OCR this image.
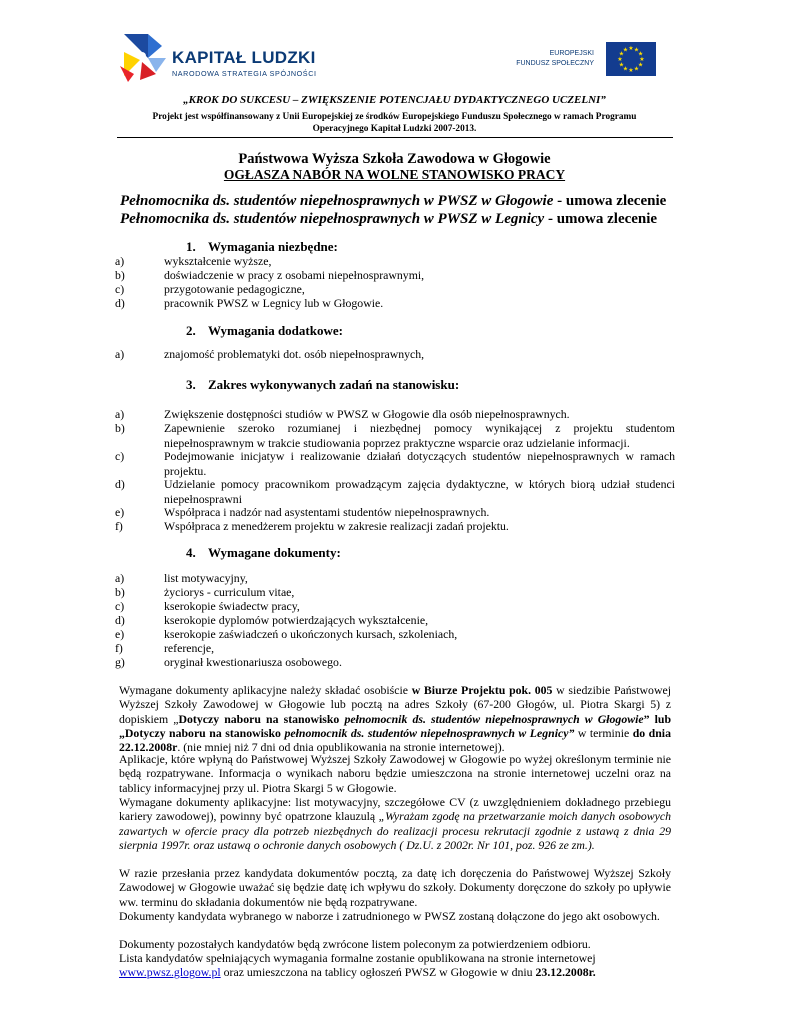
KAPITAŁ LUDZKI
NARODOWA STRATEGIA SPÓJNOŚCI
EUROPEJSKI
FUNDUSZ SPOŁECZNY
★ ★
★
★
★
★
★
★
★
★
★
★
„KROK DO SUKCESU – ZWIĘKSZENIE POTENCJAŁU DYDAKTYCZNEGO UCZELNI”
Projekt jest współfinansowany z Unii Europejskiej ze środków Europejskiego Funduszu Społecznego w ramach Programu
Operacyjnego Kapitał Ludzki 2007-2013.
Państwowa Wyższa Szkoła Zawodowa w Głogowie
OGŁASZA NABÓR NA WOLNE STANOWISKO PRACY
Pełnomocnika ds. studentów niepełnosprawnych w PWSZ w Głogowie - umowa zlecenie
Pełnomocnika ds. studentów niepełnosprawnych w PWSZ w Legnicy - umowa zlecenie
1. Wymagania niezbędne:
a)	wykształcenie wyższe,
b)	doświadczenie w pracy z osobami niepełnosprawnymi,
c)	przygotowanie pedagogiczne,
d)	pracownik PWSZ w Legnicy lub w Głogowie.
2. Wymagania dodatkowe:
a)	znajomość problematyki dot. osób niepełnosprawnych,
3. Zakres wykonywanych zadań na stanowisku:
a)	Zwiększenie dostępności studiów w PWSZ w Głogowie dla osób niepełnosprawnych.
b)	Zapewnienie szeroko rozumianej i niezbędnej pomocy wynikającej z projektu studentom niepełnosprawnym w trakcie studiowania poprzez praktyczne wsparcie oraz udzielanie informacji.
c)	Podejmowanie inicjatyw i realizowanie działań dotyczących studentów niepełnosprawnych w ramach projektu.
d)	Udzielanie pomocy pracownikom prowadzącym zajęcia dydaktyczne, w których biorą udział studenci niepełnosprawni
e)	Współpraca i nadzór nad asystentami studentów niepełnosprawnych.
f)	Współpraca z menedżerem projektu w zakresie realizacji zadań projektu.
4. Wymagane dokumenty:
a)	list motywacyjny,
b)	życiorys - curriculum vitae,
c)	kserokopie świadectw pracy,
d)	kserokopie dyplomów potwierdzających wykształcenie,
e)	kserokopie zaświadczeń o ukończonych kursach, szkoleniach,
f)	referencje,
g)	oryginał kwestionariusza osobowego.
Wymagane dokumenty aplikacyjne należy składać osobiście w Biurze Projektu pok. 005 w siedzibie Państwowej Wyższej Szkoły Zawodowej w Głogowie lub pocztą na adres Szkoły (67-200 Głogów, ul. Piotra Skargi 5) z dopiskiem „Dotyczy naboru na stanowisko pełnomocnik ds. studentów niepełnosprawnych w Głogowie” lub „Dotyczy naboru na stanowisko pełnomocnik ds. studentów niepełnosprawnych w Legnicy” w terminie do dnia 22.12.2008r. (nie mniej niż 7 dni od dnia opublikowania na stronie internetowej).
Aplikacje, które wpłyną do Państwowej Wyższej Szkoły Zawodowej w Głogowie po wyżej określonym terminie nie będą rozpatrywane. Informacja o wynikach naboru będzie umieszczona na stronie internetowej uczelni oraz na tablicy informacyjnej przy ul. Piotra Skargi 5 w Głogowie.
Wymagane dokumenty aplikacyjne: list motywacyjny, szczegółowe CV (z uwzględnieniem dokładnego przebiegu kariery zawodowej), powinny być opatrzone klauzulą „Wyrażam zgodę na przetwarzanie moich danych osobowych zawartych w ofercie pracy dla potrzeb niezbędnych do realizacji procesu rekrutacji zgodnie z ustawą z dnia 29 sierpnia 1997r. oraz ustawą o ochronie danych osobowych ( Dz.U. z 2002r. Nr 101, poz. 926 ze zm.).
W razie przesłania przez kandydata dokumentów pocztą, za datę ich doręczenia do Państwowej Wyższej Szkoły Zawodowej w Głogowie uważać się będzie datę ich wpływu do szkoły. Dokumenty doręczone do szkoły po upływie ww. terminu do składania dokumentów nie będą rozpatrywane.
Dokumenty kandydata wybranego w naborze i zatrudnionego w PWSZ zostaną dołączone do jego akt osobowych.
Dokumenty pozostałych kandydatów będą zwrócone listem poleconym za potwierdzeniem odbioru.
Lista kandydatów spełniających wymagania formalne zostanie opublikowana na stronie internetowej
www.pwsz.glogow.pl oraz umieszczona na tablicy ogłoszeń PWSZ w Głogowie w dniu 23.12.2008r.
